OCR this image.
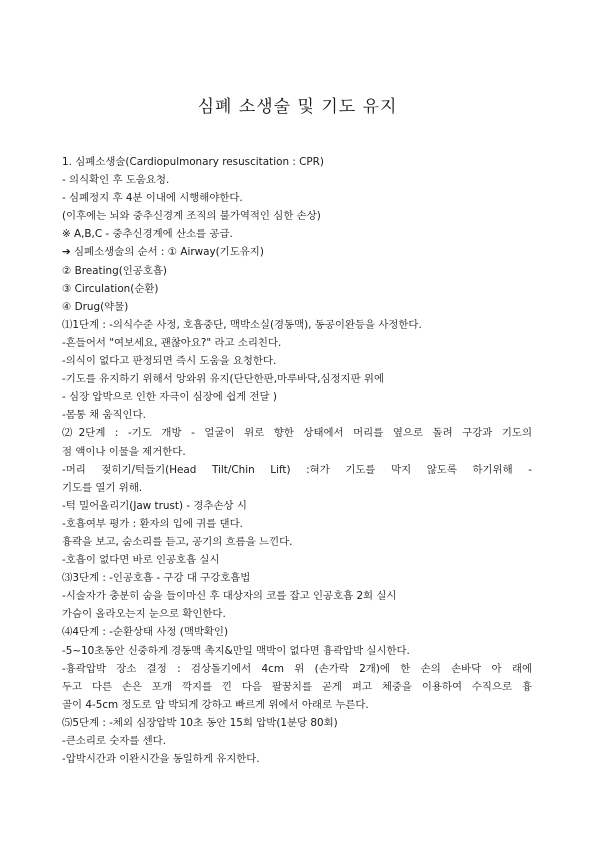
심폐 소생술 및 기도 유지
1. 심폐소생술(Cardiopulmonary resuscitation : CPR)
- 의식확인 후 도움요청.
- 심폐정지 후 4분 이내에 시행해야한다.
(이후에는 뇌와 중추신경계 조직의 불가역적인 심한 손상)
※ A,B,C - 중추신경계에 산소를 공급.
➔ 심폐소생술의 순서 : ① Airway(기도유지)
② Breating(인공호흡)
③ Circulation(순환)
④ Drug(약물)
⑴1단계 : -의식수준 사정, 호흡중단, 맥박소실(경동맥), 동공이완등을 사정한다.
-흔들어서 "여보세요, 괜찮아요?" 라고 소리친다.
-의식이 없다고 판정되면 즉시 도움을 요청한다.
-기도를 유지하기 위해서 앙와위 유지(단단한판,마루바닥,심정지판 위에
- 심장 압박으로 인한 자극이 심장에 쉽게 전달 )
-몸통 채 움직인다.
⑵2단계 : -기도 개방 - 얼굴이 위로 향한 상태에서 머리를 옆으로 돌려 구강과 기도의
점 액이나 이물을 제거한다.
-머리 젖히기/턱들기(Head Tilt/Chin Lift) :혀가 기도를 막지 않도록 하기위해 -
기도를 열기 위해.
-턱 밀어올리기(Jaw trust) - 경추손상 시
-호흡여부 평가 : 환자의 입에 귀를 댄다.
흉곽을 보고, 숨소리를 듣고, 공기의 흐름을 느낀다.
-호흡이 없다면 바로 인공호흡 실시
⑶3단계 : -인공호흡 - 구강 대 구강호흡법
-시술자가 충분히 숨을 들이마신 후 대상자의 코를 잡고 인공호흡 2회 실시
가슴이 올라오는지 눈으로 확인한다.
⑷4단계 : -순환상태 사정 (맥박확인)
-5~10초동안 신중하게 경동맥 촉지&만일 맥박이 없다면 흉곽압박 실시한다.
-흉곽압박 장소 결정 : 검상돌기에서 4cm 위 (손가락 2개)에 한 손의 손바닥 아 래에
두고 다른 손은 포개 깍지를 낀 다음 팔꿈치를 곧게 펴고 체중을 이용하여 수직으로 흉
골이 4-5cm 정도로 압 박되게 강하고 빠르게 위에서 아래로 누른다.
⑸5단계 : -체외 심장압박 10초 동안 15회 압박(1분당 80회)
-큰소리로 숫자를 센다.
-압박시간과 이완시간을 동일하게 유지한다.
